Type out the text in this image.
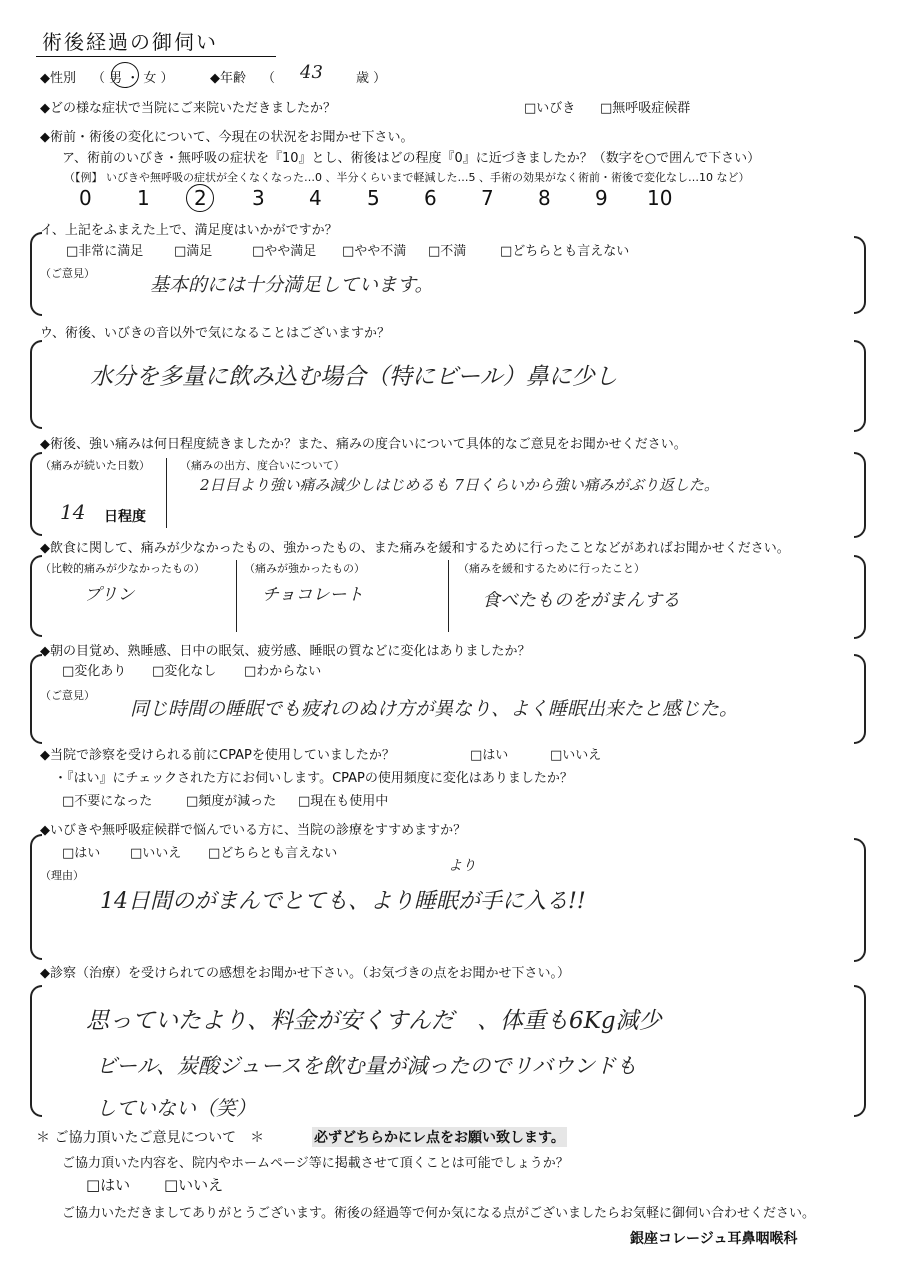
術後経過の御伺い
◆性別 （ 男 ・ 女 ）	◆年齢 （ 43	歳 ）
◆どの様な症状で当院にご来院いただきましたか？	□いびき □無呼吸症候群
◆術前・術後の変化について、今現在の状況をお聞かせ下さい。
ア、術前のいびき・無呼吸の症状を『10』とし、術後はどの程度『0』に近づきましたか？（数字を○で囲んで下さい）
（【例】 いびきや無呼吸の症状が全くなくなった…0 、半分くらいまで軽減した…5 、手術の効果がなく術前・術後で変化なし…10 など）
0 1 2 3 4 5 6 7 8 9 10
イ、上記をふまえた上で、満足度はいかがですか？
□非常に満足 □満足	□やや満足 □やや不満 □不満	□どちらとも言えない
（ご意見）
基本的には十分満足しています。
ウ、術後、いびきの音以外で気になることはございますか？
水分を多量に飲み込む場合（特にビール）鼻に少し
◆術後、強い痛みは何日程度続きましたか？また、痛みの度合いについて具体的なご意見をお聞かせください。
（痛みが続いた日数）	（痛みの出方、度合いについて）
14 日程度
2日目より強い痛み減少しはじめるも 7日くらいから強い痛みがぶり返した。
◆飲食に関して、痛みが少なかったもの、強かったもの、また痛みを緩和するために行ったことなどがあればお聞かせください。
（比較的痛みが少なかったもの）	（痛みが強かったもの）	（痛みを緩和するために行ったこと）
プリン	チョコレート	食べたものをがまんする
◆朝の目覚め、熟睡感、日中の眠気、疲労感、睡眠の質などに変化はありましたか？
□変化あり □変化なし □わからない
（ご意見）
同じ時間の睡眠でも疲れのぬけ方が異なり、よく睡眠出来たと感じた。
◆当院で診察を受けられる前にCPAPを使用していましたか？	□はい	□いいえ
・『はい』にチェックされた方にお伺いします。CPAPの使用頻度に変化はありましたか？
□不要になった	□頻度が減った □現在も使用中
◆いびきや無呼吸症候群で悩んでいる方に、当院の診療をすすめますか？
□はい □いいえ □どちらとも言えない
（理由）
より
14日間のがまんでとても、より睡眠が手に入る!!
◆診察（治療）を受けられての感想をお聞かせ下さい。（お気づきの点をお聞かせ下さい。）
思っていたより、料金が安くすんだ　、体重も6Kg減少
ビール、炭酸ジュースを飲む量が減ったのでリバウンドも
していない（笑）
＊ ご協力頂いたご意見について　＊	必ずどちらかにレ点をお願い致します。
ご協力頂いた内容を、院内やホームページ等に掲載させて頂くことは可能でしょうか？
□はい □いいえ
ご協力いただきましてありがとうございます。術後の経過等で何か気になる点がございましたらお気軽に御伺い合わせください。
銀座コレージュ耳鼻咽喉科
